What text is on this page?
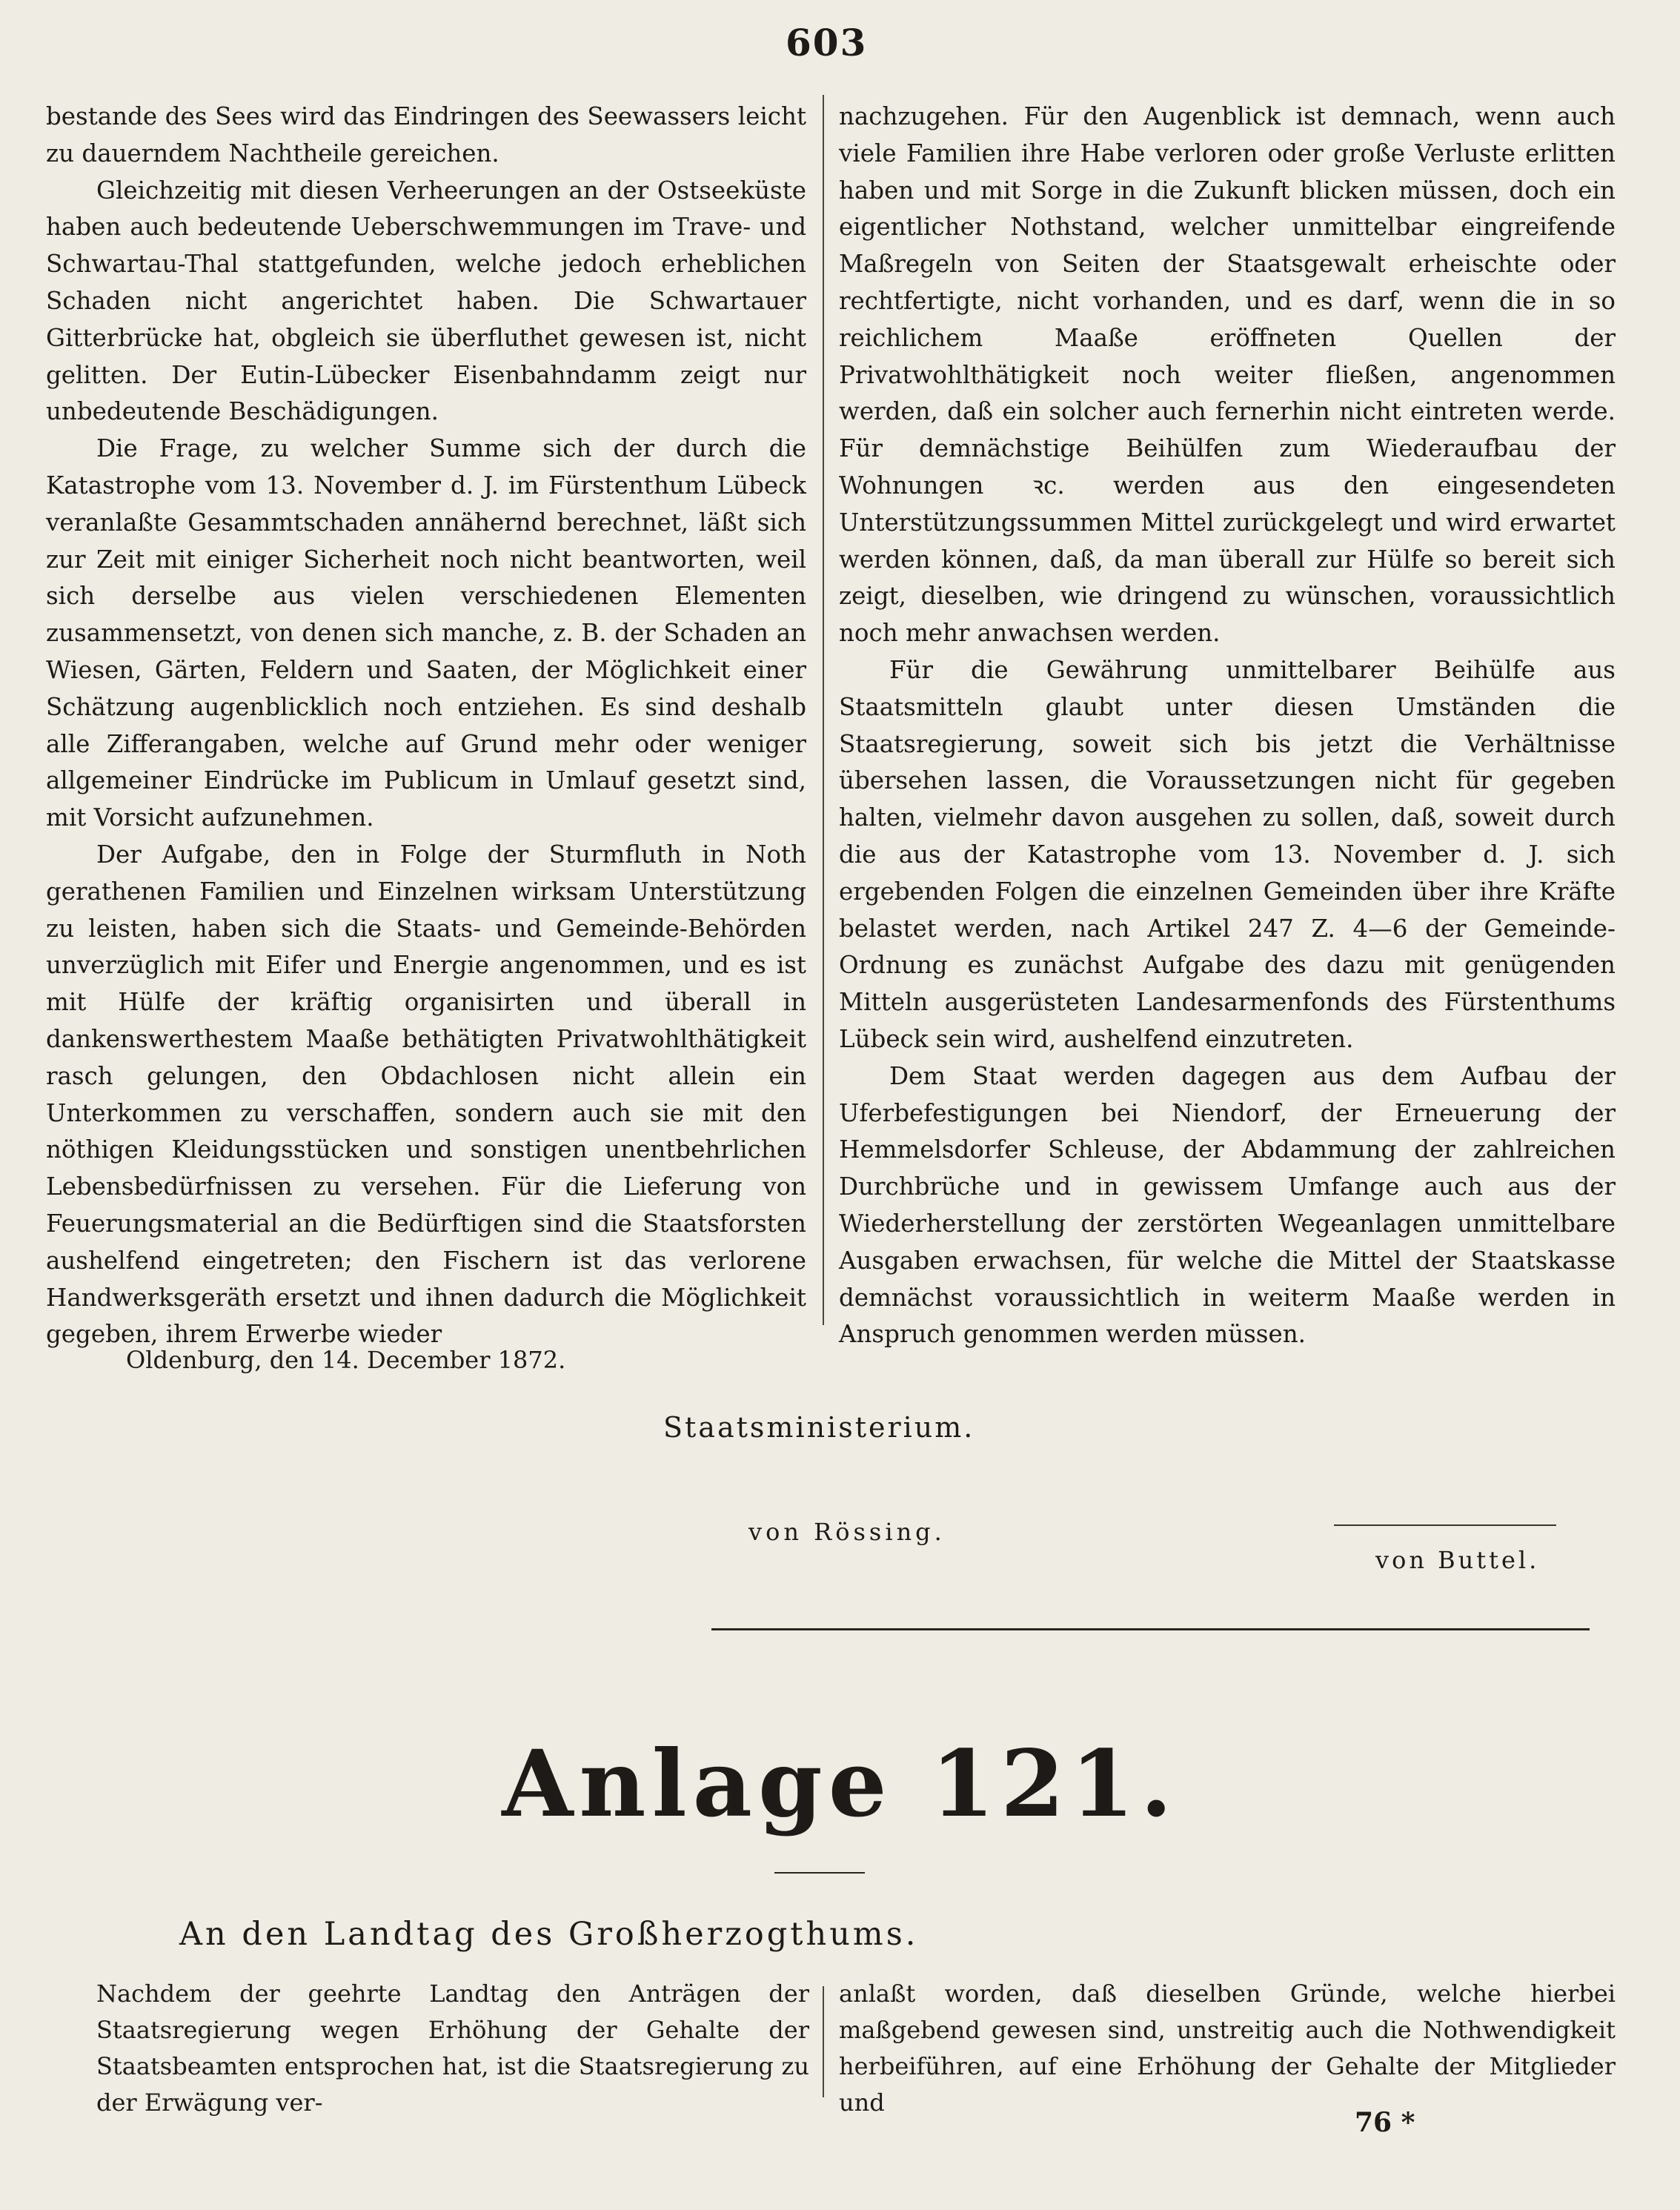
603

bestande des Sees wird das Eindringen des Seewassers leicht zu dauerndem Nachtheile gereichen.

Gleichzeitig mit diesen Verheerungen an der Ostseeküste haben auch bedeutende Ueberschwemmungen im Trave- und Schwartau-Thal stattgefunden, welche jedoch erheblichen Schaden nicht angerichtet haben. Die Schwartauer Gitterbrücke hat, obgleich sie überfluthet gewesen ist, nicht gelitten. Der Eutin-Lübecker Eisenbahndamm zeigt nur unbedeutende Beschädigungen.

Die Frage, zu welcher Summe sich der durch die Katastrophe vom 13. November d. J. im Fürstenthum Lübeck veranlaßte Gesammtschaden annähernd berechnet, läßt sich zur Zeit mit einiger Sicherheit noch nicht beantworten, weil sich derselbe aus vielen verschiedenen Elementen zusammensetzt, von denen sich manche, z. B. der Schaden an Wiesen, Gärten, Feldern und Saaten, der Möglichkeit einer Schätzung augenblicklich noch entziehen. Es sind deshalb alle Zifferangaben, welche auf Grund mehr oder weniger allgemeiner Eindrücke im Publicum in Umlauf gesetzt sind, mit Vorsicht aufzunehmen.

Der Aufgabe, den in Folge der Sturmfluth in Noth gerathenen Familien und Einzelnen wirksam Unterstützung zu leisten, haben sich die Staats- und Gemeinde-Behörden unverzüglich mit Eifer und Energie angenommen, und es ist mit Hülfe der kräftig organisirten und überall in dankenswerthestem Maaße bethätigten Privatwohlthätigkeit rasch gelungen, den Obdachlosen nicht allein ein Unterkommen zu verschaffen, sondern auch sie mit den nöthigen Kleidungsstücken und sonstigen unentbehrlichen Lebensbedürfnissen zu versehen. Für die Lieferung von Feuerungsmaterial an die Bedürftigen sind die Staatsforsten aushelfend eingetreten; den Fischern ist das verlorene Handwerksgeräth ersetzt und ihnen dadurch die Möglichkeit gegeben, ihrem Erwerbe wieder

nachzugehen. Für den Augenblick ist demnach, wenn auch viele Familien ihre Habe verloren oder große Verluste erlitten haben und mit Sorge in die Zukunft blicken müssen, doch ein eigentlicher Nothstand, welcher unmittelbar eingreifende Maßregeln von Seiten der Staatsgewalt erheischte oder rechtfertigte, nicht vorhanden, und es darf, wenn die in so reichlichem Maaße eröffneten Quellen der Privatwohlthätigkeit noch weiter fließen, angenommen werden, daß ein solcher auch fernerhin nicht eintreten werde. Für demnächstige Beihülfen zum Wiederaufbau der Wohnungen ꝛc. werden aus den eingesendeten Unterstützungssummen Mittel zurückgelegt und wird erwartet werden können, daß, da man überall zur Hülfe so bereit sich zeigt, dieselben, wie dringend zu wünschen, voraussichtlich noch mehr anwachsen werden.

Für die Gewährung unmittelbarer Beihülfe aus Staatsmitteln glaubt unter diesen Umständen die Staatsregierung, soweit sich bis jetzt die Verhältnisse übersehen lassen, die Voraussetzungen nicht für gegeben halten, vielmehr davon ausgehen zu sollen, daß, soweit durch die aus der Katastrophe vom 13. November d. J. sich ergebenden Folgen die einzelnen Gemeinden über ihre Kräfte belastet werden, nach Artikel 247 Z. 4—6 der Gemeinde-Ordnung es zunächst Aufgabe des dazu mit genügenden Mitteln ausgerüsteten Landesarmenfonds des Fürstenthums Lübeck sein wird, aushelfend einzutreten.

Dem Staat werden dagegen aus dem Aufbau der Uferbefestigungen bei Niendorf, der Erneuerung der Hemmelsdorfer Schleuse, der Abdammung der zahlreichen Durchbrüche und in gewissem Umfange auch aus der Wiederherstellung der zerstörten Wegeanlagen unmittelbare Ausgaben erwachsen, für welche die Mittel der Staatskasse demnächst voraussichtlich in weiterm Maaße werden in Anspruch genommen werden müssen.

Oldenburg, den 14. December 1872.
Staatsministerium.
von Rössing.
von Buttel.
Anlage 121.
An den Landtag des Großherzogthums.
Nachdem der geehrte Landtag den Anträgen der Staatsregierung wegen Erhöhung der Gehalte der Staatsbeamten entsprochen hat, ist die Staatsregierung zu der Erwägung ver-
anlaßt worden, daß dieselben Gründe, welche hierbei maßgebend gewesen sind, unstreitig auch die Nothwendigkeit herbeiführen, auf eine Erhöhung der Gehalte der Mitglieder und
76 *
